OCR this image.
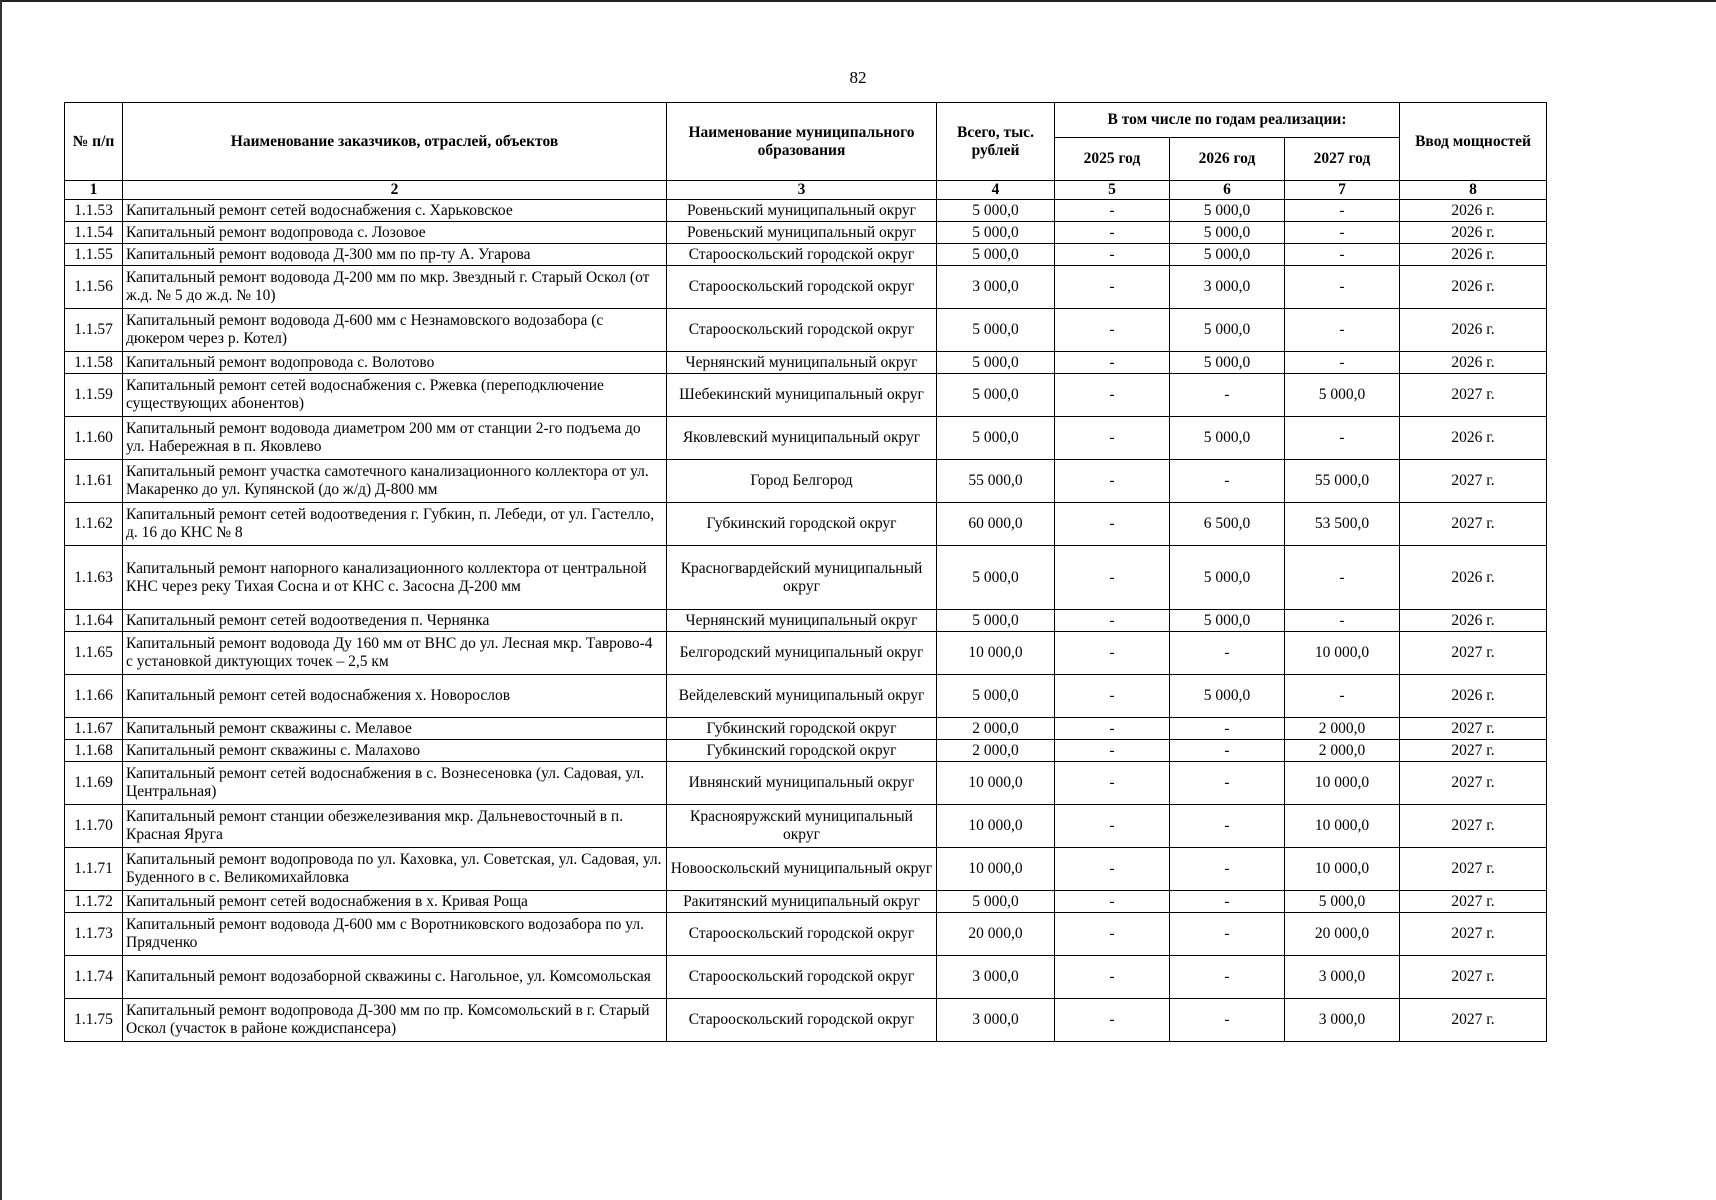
82
№ п/п	Наименование заказчиков, отраслей, объектов	Наименование муниципального образования	Всего, тыс. рублей	В том числе по годам реализации:			Ввод мощностей
				2025 год	2026 год	2027 год	
1	2	3	4	5	6	7	8
1.1.53	Капитальный ремонт сетей водоснабжения с. Харьковское	Ровеньский муниципальный округ	5 000,0	-	5 000,0	-	2026 г.
1.1.54	Капитальный ремонт водопровода с. Лозовое	Ровеньский муниципальный округ	5 000,0	-	5 000,0	-	2026 г.
1.1.55	Капитальный ремонт водовода Д-300 мм по пр-ту А. Угарова	Старооскольский городской округ	5 000,0	-	5 000,0	-	2026 г.
1.1.56	Капитальный ремонт водовода Д-200 мм по мкр. Звездный г. Старый Оскол (от ж.д. № 5 до ж.д. № 10)	Старооскольский городской округ	3 000,0	-	3 000,0	-	2026 г.
1.1.57	Капитальный ремонт водовода Д-600 мм с Незнамовского водозабора (с дюкером через р. Котел)	Старооскольский городской округ	5 000,0	-	5 000,0	-	2026 г.
1.1.58	Капитальный ремонт водопровода с. Волотово	Чернянский муниципальный округ	5 000,0	-	5 000,0	-	2026 г.
1.1.59	Капитальный ремонт сетей водоснабжения с. Ржевка (переподключение существующих абонентов)	Шебекинский муниципальный округ	5 000,0	-	-	5 000,0	2027 г.
1.1.60	Капитальный ремонт водовода диаметром 200 мм от станции 2-го подъема до ул. Набережная в п. Яковлево	Яковлевский муниципальный округ	5 000,0	-	5 000,0	-	2026 г.
1.1.61	Капитальный ремонт участка самотечного канализационного коллектора от ул. Макаренко до ул. Купянской (до ж/д) Д-800 мм	Город Белгород	55 000,0	-	-	55 000,0	2027 г.
1.1.62	Капитальный ремонт сетей водоотведения г. Губкин, п. Лебеди, от ул. Гастелло, д. 16 до КНС № 8	Губкинский городской округ	60 000,0	-	6 500,0	53 500,0	2027 г.
1.1.63	Капитальный ремонт напорного канализационного коллектора от центральной КНС через реку Тихая Сосна и от КНС с. Засосна Д-200 мм	Красногвардейский муниципальный округ	5 000,0	-	5 000,0	-	2026 г.
1.1.64	Капитальный ремонт сетей водоотведения п. Чернянка	Чернянский муниципальный округ	5 000,0	-	5 000,0	-	2026 г.
1.1.65	Капитальный ремонт водовода Ду 160 мм от ВНС до ул. Лесная мкр. Таврово-4 с установкой диктующих точек – 2,5 км	Белгородский муниципальный округ	10 000,0	-	-	10 000,0	2027 г.
1.1.66	Капитальный ремонт сетей водоснабжения х. Новорослов	Вейделевский муниципальный округ	5 000,0	-	5 000,0	-	2026 г.
1.1.67	Капитальный ремонт скважины с. Мелавое	Губкинский городской округ	2 000,0	-	-	2 000,0	2027 г.
1.1.68	Капитальный ремонт скважины с. Малахово	Губкинский городской округ	2 000,0	-	-	2 000,0	2027 г.
1.1.69	Капитальный ремонт сетей водоснабжения в с. Вознесеновка (ул. Садовая, ул. Центральная)	Ивнянский муниципальный округ	10 000,0	-	-	10 000,0	2027 г.
1.1.70	Капитальный ремонт станции обезжелезивания мкр. Дальневосточный в п. Красная Яруга	Краснояружский муниципальный округ	10 000,0	-	-	10 000,0	2027 г.
1.1.71	Капитальный ремонт водопровода по ул. Каховка, ул. Советская, ул. Садовая, ул. Буденного в с. Великомихайловка	Новооскольский муниципальный округ	10 000,0	-	-	10 000,0	2027 г.
1.1.72	Капитальный ремонт сетей водоснабжения в х. Кривая Роща	Ракитянский муниципальный округ	5 000,0	-	-	5 000,0	2027 г.
1.1.73	Капитальный ремонт водовода Д-600 мм с Воротниковского водозабора по ул. Прядченко	Старооскольский городской округ	20 000,0	-	-	20 000,0	2027 г.
1.1.74	Капитальный ремонт водозаборной скважины с. Нагольное, ул. Комсомольская	Старооскольский городской округ	3 000,0	-	-	3 000,0	2027 г.
1.1.75	Капитальный ремонт водопровода Д-300 мм по пр. Комсомольский в г. Старый Оскол (участок в районе кождиспансера)	Старооскольский городской округ	3 000,0	-	-	3 000,0	2027 г.
